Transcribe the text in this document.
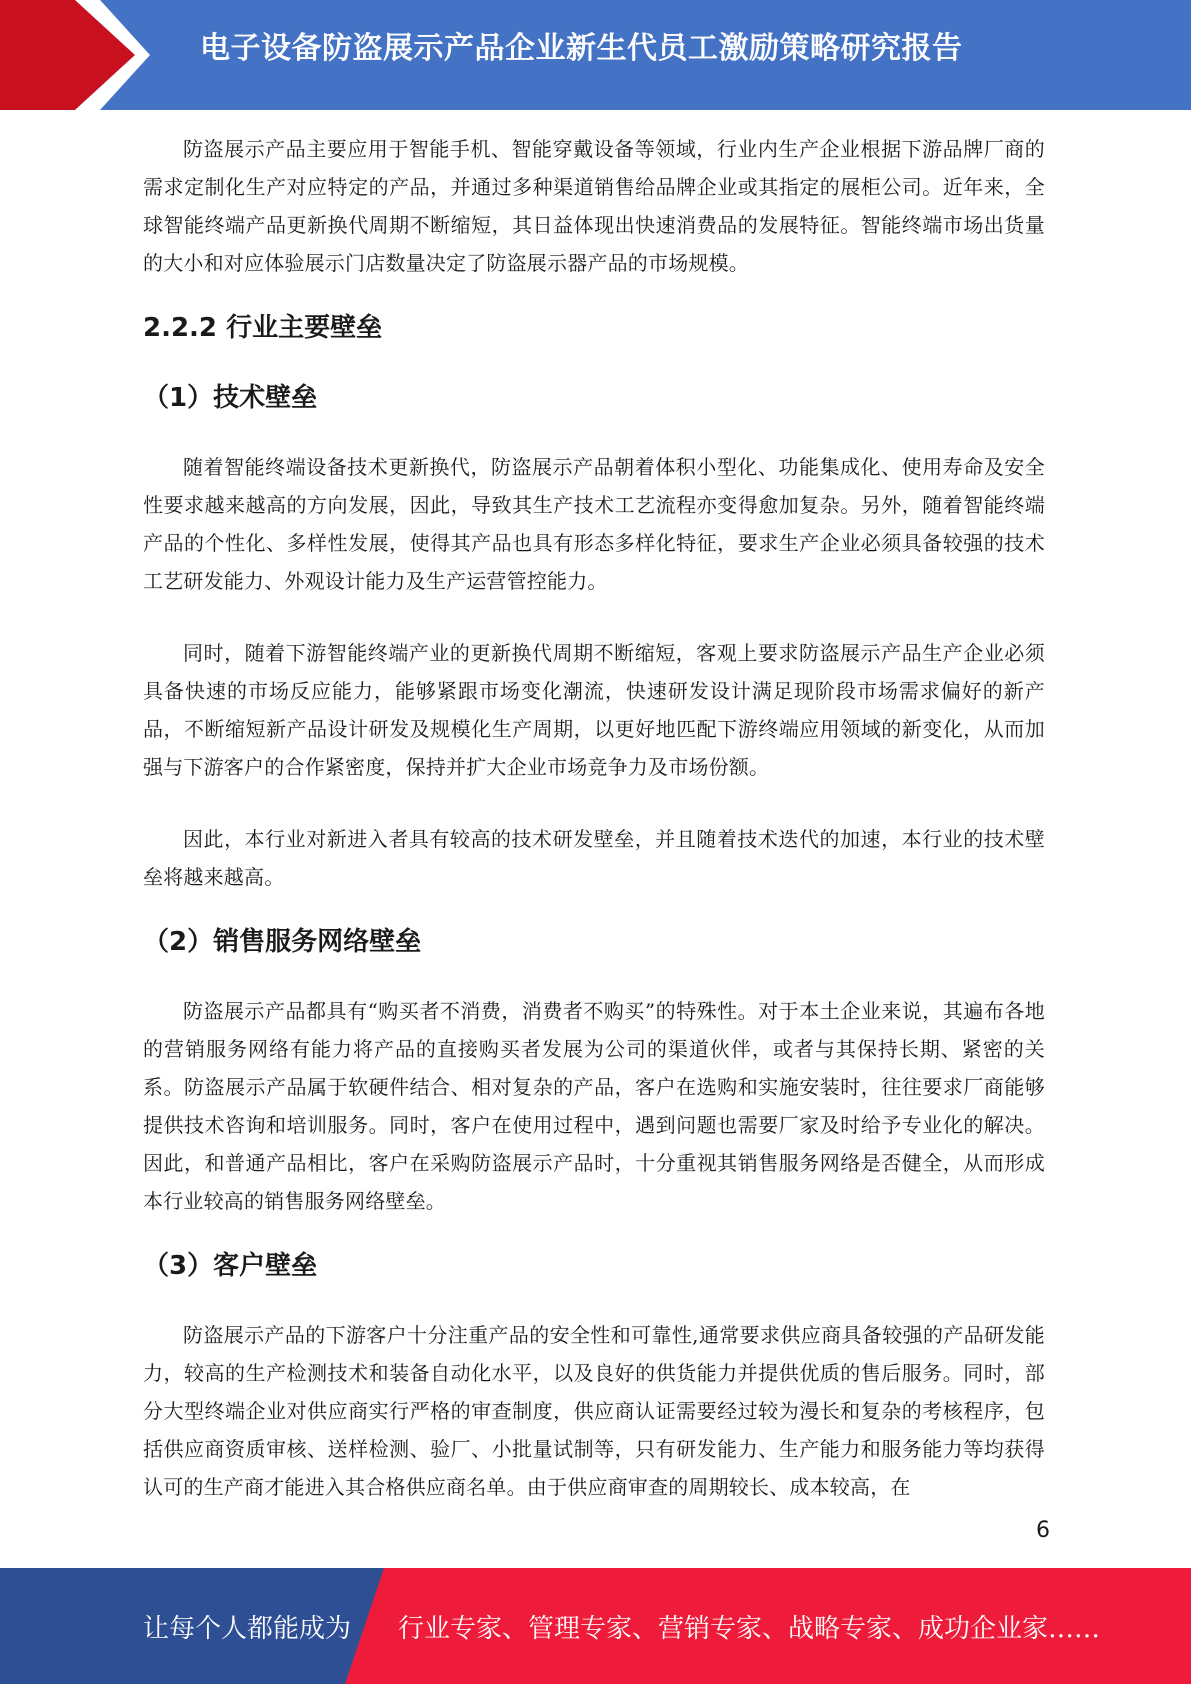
电子设备防盗展示产品企业新生代员工激励策略研究报告

防盗展示产品主要应用于智能手机、智能穿戴设备等领域，行业内生产企业根据下游品牌厂商的需求定制化生产对应特定的产品，并通过多种渠道销售给品牌企业或其指定的展柜公司。近年来，全球智能终端产品更新换代周期不断缩短，其日益体现出快速消费品的发展特征。智能终端市场出货量的大小和对应体验展示门店数量决定了防盗展示器产品的市场规模。

2.2.2 行业主要壁垒
（1）技术壁垒

随着智能终端设备技术更新换代，防盗展示产品朝着体积小型化、功能集成化、使用寿命及安全性要求越来越高的方向发展，因此，导致其生产技术工艺流程亦变得愈加复杂。另外，随着智能终端产品的个性化、多样性发展，使得其产品也具有形态多样化特征，要求生产企业必须具备较强的技术工艺研发能力、外观设计能力及生产运营管控能力。

同时，随着下游智能终端产业的更新换代周期不断缩短，客观上要求防盗展示产品生产企业必须具备快速的市场反应能力，能够紧跟市场变化潮流，快速研发设计满足现阶段市场需求偏好的新产品，不断缩短新产品设计研发及规模化生产周期，以更好地匹配下游终端应用领域的新变化，从而加强与下游客户的合作紧密度，保持并扩大企业市场竞争力及市场份额。

因此，本行业对新进入者具有较高的技术研发壁垒，并且随着技术迭代的加速，本行业的技术壁垒将越来越高。

（2）销售服务网络壁垒

防盗展示产品都具有“购买者不消费，消费者不购买”的特殊性。对于本土企业来说，其遍布各地的营销服务网络有能力将产品的直接购买者发展为公司的渠道伙伴，或者与其保持长期、紧密的关系。防盗展示产品属于软硬件结合、相对复杂的产品，客户在选购和实施安装时，往往要求厂商能够提供技术咨询和培训服务。同时，客户在使用过程中，遇到问题也需要厂家及时给予专业化的解决。因此，和普通产品相比，客户在采购防盗展示产品时，十分重视其销售服务网络是否健全，从而形成本行业较高的销售服务网络壁垒。

（3）客户壁垒

防盗展示产品的下游客户十分注重产品的安全性和可靠性,通常要求供应商具备较强的产品研发能力，较高的生产检测技术和装备自动化水平，以及良好的供货能力并提供优质的售后服务。同时，部分大型终端企业对供应商实行严格的审查制度，供应商认证需要经过较为漫长和复杂的考核程序，包括供应商资质审核、送样检测、验厂、小批量试制等，只有研发能力、生产能力和服务能力等均获得认可的生产商才能进入其合格供应商名单。由于供应商审查的周期较长、成本较高，在

6
让每个人都能成为 行业专家、管理专家、营销专家、战略专家、成功企业家……
